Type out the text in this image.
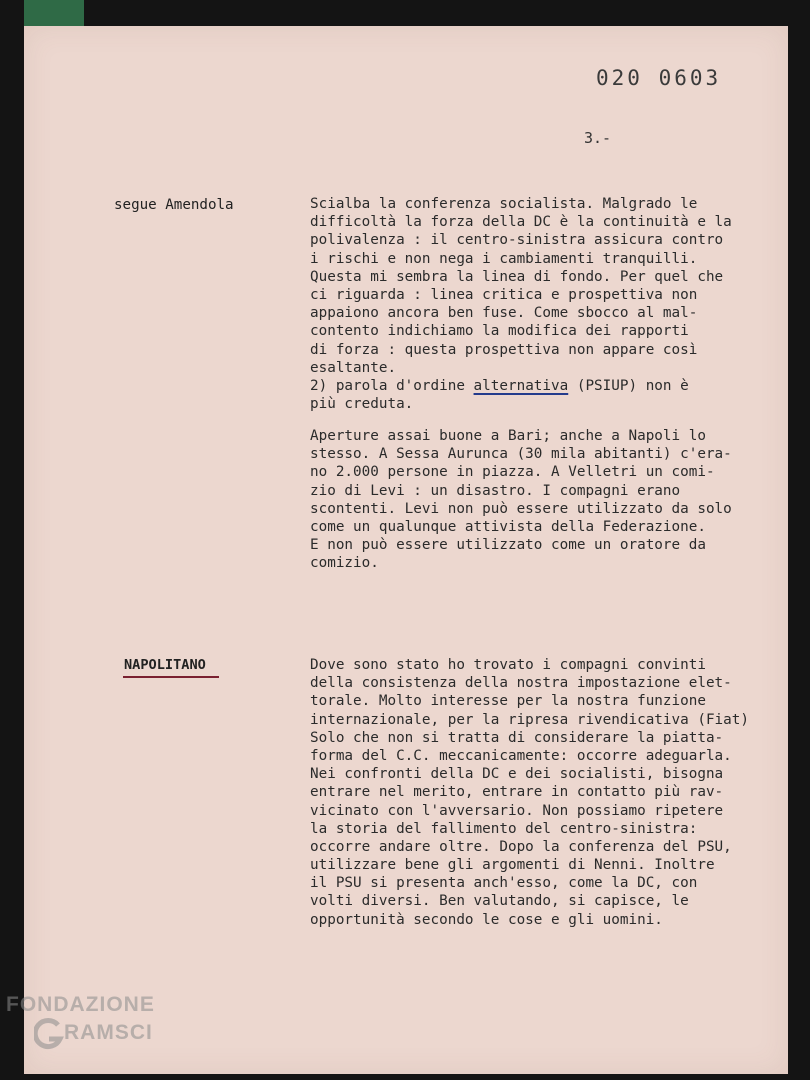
020 0603
3.-
segue Amendola	Scialba la conferenza socialista. Malgrado le
difficoltà la forza della DC è la continuità e la
polivalenza : il centro-sinistra assicura contro
i rischi e non nega i cambiamenti tranquilli.
Questa mi sembra la linea di fondo. Per quel che
ci riguarda : linea critica e prospettiva non
appaiono ancora ben fuse. Come sbocco al mal-
contento indichiamo la modifica dei rapporti
di forza : questa prospettiva non appare così
esaltante.
2) parola d'ordine alternativa (PSIUP) non è
più creduta.
Aperture assai buone a Bari; anche a Napoli lo
stesso. A Sessa Aurunca (30 mila abitanti) c'era-
no 2.000 persone in piazza. A Velletri un comi-
zio di Levi : un disastro. I compagni erano
scontenti. Levi non può essere utilizzato da solo
come un qualunque attivista della Federazione.
E non può essere utilizzato come un oratore da
comizio.
NAPOLITANO	Dove sono stato ho trovato i compagni convinti
della consistenza della nostra impostazione elet-
torale. Molto interesse per la nostra funzione
internazionale, per la ripresa rivendicativa (Fiat)
Solo che non si tratta di considerare la piatta-
forma del C.C. meccanicamente: occorre adeguarla.
Nei confronti della DC e dei socialisti, bisogna
entrare nel merito, entrare in contatto più rav-
vicinato con l'avversario. Non possiamo ripetere
la storia del fallimento del centro-sinistra:
occorre andare oltre. Dopo la conferenza del PSU,
utilizzare bene gli argomenti di Nenni. Inoltre
il PSU si presenta anch'esso, come la DC, con
volti diversi. Ben valutando, si capisce, le
opportunità secondo le cose e gli uomini.
FONDAZIONE
RAMSCI
